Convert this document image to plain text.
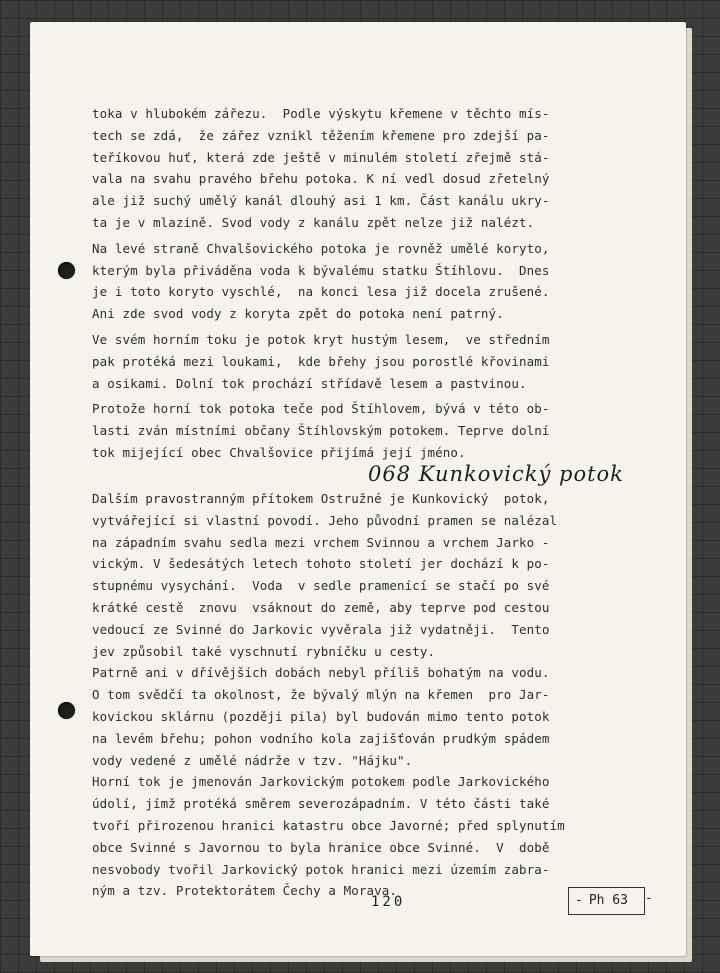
toka v hlubokém zářezu.  Podle výskytu křemene v těchto mís-
tech se zdá,  že zářez vznikl těžením křemene pro zdejší pa-
teříkovou huť, která zde ještě v minulém století zřejmě stá-
vala na svahu pravého břehu potoka. K ní vedl dosud zřetelný
ale již suchý umělý kanál dlouhý asi 1 km. Část kanálu ukry-
ta je v mlazině. Svod vody z kanálu zpět nelze již nalézt.
Na levé straně Chvalšovického potoka je rovněž umělé koryto,
kterým byla přiváděna voda k bývalému statku Štíhlovu.  Dnes
je i toto koryto vyschlé,  na konci lesa již docela zrušené.
Ani zde svod vody z koryta zpět do potoka není patrný.
Ve svém horním toku je potok kryt hustým lesem,  ve středním
pak protéká mezi loukami,  kde břehy jsou porostlé křovinami
a osikami. Dolní tok prochází střídavě lesem a pastvinou.
Protože horní tok potoka teče pod Štíhlovem, bývá v této ob-
lasti zván místními občany Štíhlovským potokem. Teprve dolní
tok mijející obec Chvalšovice přijímá její jméno.
068 Kunkovický potok
Dalším pravostranným přítokem Ostružné je Kunkovický  potok,
vytvářející si vlastní povodí. Jeho původní pramen se nalézal
na západním svahu sedla mezi vrchem Svinnou a vrchem Jarko -
vickým. V šedesátých letech tohoto století jer dochází k po-
stupnému vysychání.  Voda  v sedle pramenící se stačí po své
krátké cestě  znovu  vsáknout do země, aby teprve pod cestou
vedoucí ze Svinné do Jarkovic vyvěrala již vydatněji.  Tento
jev způsobil také vyschnutí rybníčku u cesty.
Patrně ani v dřívějších dobách nebyl příliš bohatým na vodu.
O tom svědčí ta okolnost, že bývalý mlýn na křemen  pro Jar-
kovickou sklárnu (později pila) byl budován mimo tento potok
na levém břehu; pohon vodního kola zajišťován prudkým spádem
vody vedené z umělé nádrže v tzv. "Hájku".
Horní tok je jmenován Jarkovickým potokem podle Jarkovického
údolí, jímž protéká směrem severozápadním. V této části také
tvoří přirozenou hranici katastru obce Javorné; před splynutím
obce Svinné s Javornou to byla hranice obce Svinné.  V  době
nesvobody tvořil Jarkovický potok hranici mezi územím zabra-
ným a tzv. Protektorátem Čechy a Morava.
120	- Ph 63	-
